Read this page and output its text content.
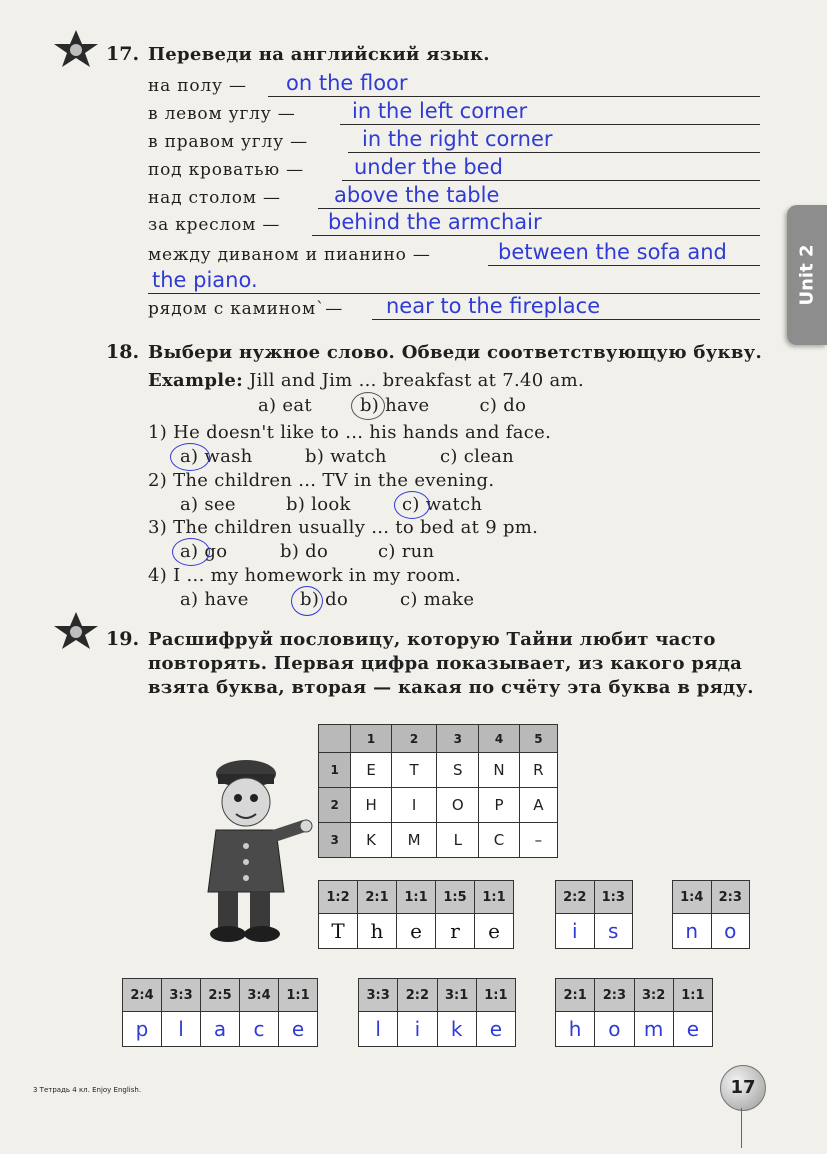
17. Переведи на английский язык.
на полу — on the floor
в левом углу —	in the left corner
в правом углу —	in the right corner
под кроватью — under the bed
над столом —	above the table
за креслом — behind the armchair
между диваном и пианино —	between the sofa and
the piano.
рядом с камином`— near to the fireplace
Unit 2
18. Выбери нужное слово. Обведи соответствующую букву.
Example: Jill and Jim ... breakfast at 7.40 am.
a) eat	b) have	c) do
1) He doesn't like to ... his hands and face.
a) wash	b) watch	c) clean
2) The children ... TV in the evening.
a) see	b) look	c) watch
3) The children usually ... to bed at 9 pm.
a) go	b) do	c) run
4) I ... my homework in my room.
a) have	b) do	c) make
19. Расшифруй пословицу, которую Тайни любит часто
повторять. Первая цифра показывает, из какого ряда
взята буква, вторая — какая по счёту эта буква в ряду.
	1	2	3	4	5
1	E	T	S	N	R
2	H	I	O	P	A
3	K	M	L	C	–
1:2	2:1	1:1	1:5	1:1
T	h	e	r	e
2:2	1:3
i	s
1:4	2:3
n	o
2:4	3:3	2:5	3:4	1:1
p	l	a	c	e
3:3	2:2	3:1	1:1
l	i	k	e
2:1	2:3	3:2	1:1
h	o	m	e
3 Тетрадь 4 кл. Enjoy English.	17
